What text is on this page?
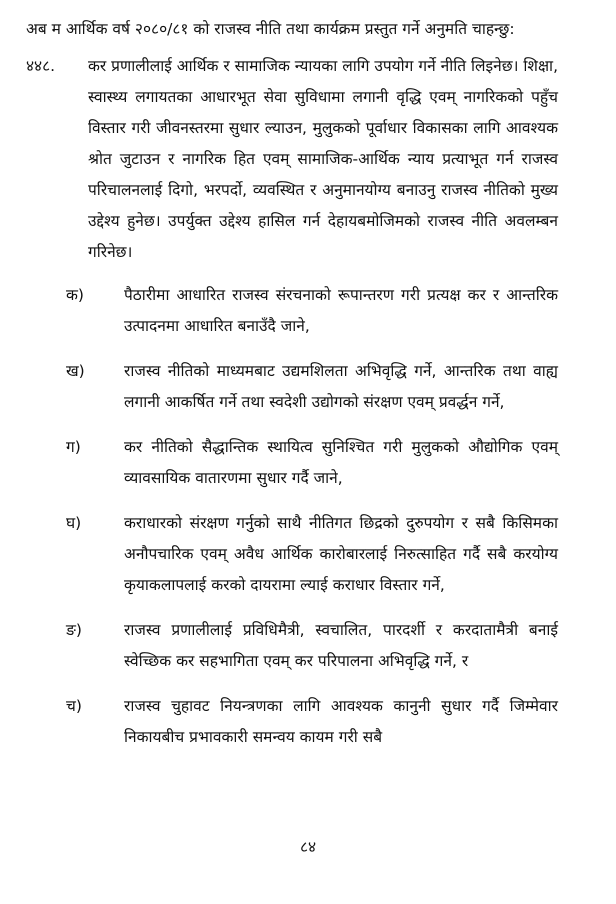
अब म आर्थिक वर्ष २०८०/८१ को राजस्व नीति तथा कार्यक्रम प्रस्तुत गर्ने अनुमति चाहन्छु:

४४८.	कर प्रणालीलाई आर्थिक र सामाजिक न्यायका लागि उपयोग गर्ने नीति लिइनेछ। शिक्षा, स्वास्थ्य लगायतका आधारभूत सेवा सुविधामा लगानी वृद्धि एवम् नागरिकको पहुँच विस्तार गरी जीवनस्तरमा सुधार ल्याउन, मुलुकको पूर्वाधार विकासका लागि आवश्यक श्रोत जुटाउन र नागरिक हित एवम् सामाजिक-आर्थिक न्याय प्रत्याभूत गर्न राजस्व परिचालनलाई दिगो, भरपर्दो, व्यवस्थित र अनुमानयोग्य बनाउनु राजस्व नीतिको मुख्य उद्देश्य हुनेछ। उपर्युक्त उद्देश्य हासिल गर्न देहायबमोजिमको राजस्व नीति अवलम्बन गरिनेछ।
क)	पैठारीमा आधारित राजस्व संरचनाको रूपान्तरण गरी प्रत्यक्ष कर र आन्तरिक उत्पादनमा आधारित बनाउँदै जाने,
ख)	राजस्व नीतिको माध्यमबाट उद्यमशिलता अभिवृद्धि गर्ने, आन्तरिक तथा वाह्य लगानी आकर्षित गर्ने तथा स्वदेशी उद्योगको संरक्षण एवम् प्रवर्द्धन गर्ने,
ग)	कर नीतिको सैद्धान्तिक स्थायित्व सुनिश्चित गरी मुलुकको औद्योगिक एवम् व्यावसायिक वातारणमा सुधार गर्दै जाने,
घ)	कराधारको संरक्षण गर्नुको साथै नीतिगत छिद्रको दुरुपयोग र सबै किसिमका अनौपचारिक एवम् अवैध आर्थिक कारोबारलाई निरुत्साहित गर्दै सबै करयोग्य कृयाकलापलाई करको दायरामा ल्याई कराधार विस्तार गर्ने,
ङ)	राजस्व प्रणालीलाई प्रविधिमैत्री, स्वचालित, पारदर्शी र करदातामैत्री बनाई स्वेच्छिक कर सहभागिता एवम् कर परिपालना अभिवृद्धि गर्ने, र
च)	राजस्व चुहावट नियन्त्रणका लागि आवश्यक कानुनी सुधार गर्दै जिम्मेवार निकायबीच प्रभावकारी समन्वय कायम गरी सबै
८४
